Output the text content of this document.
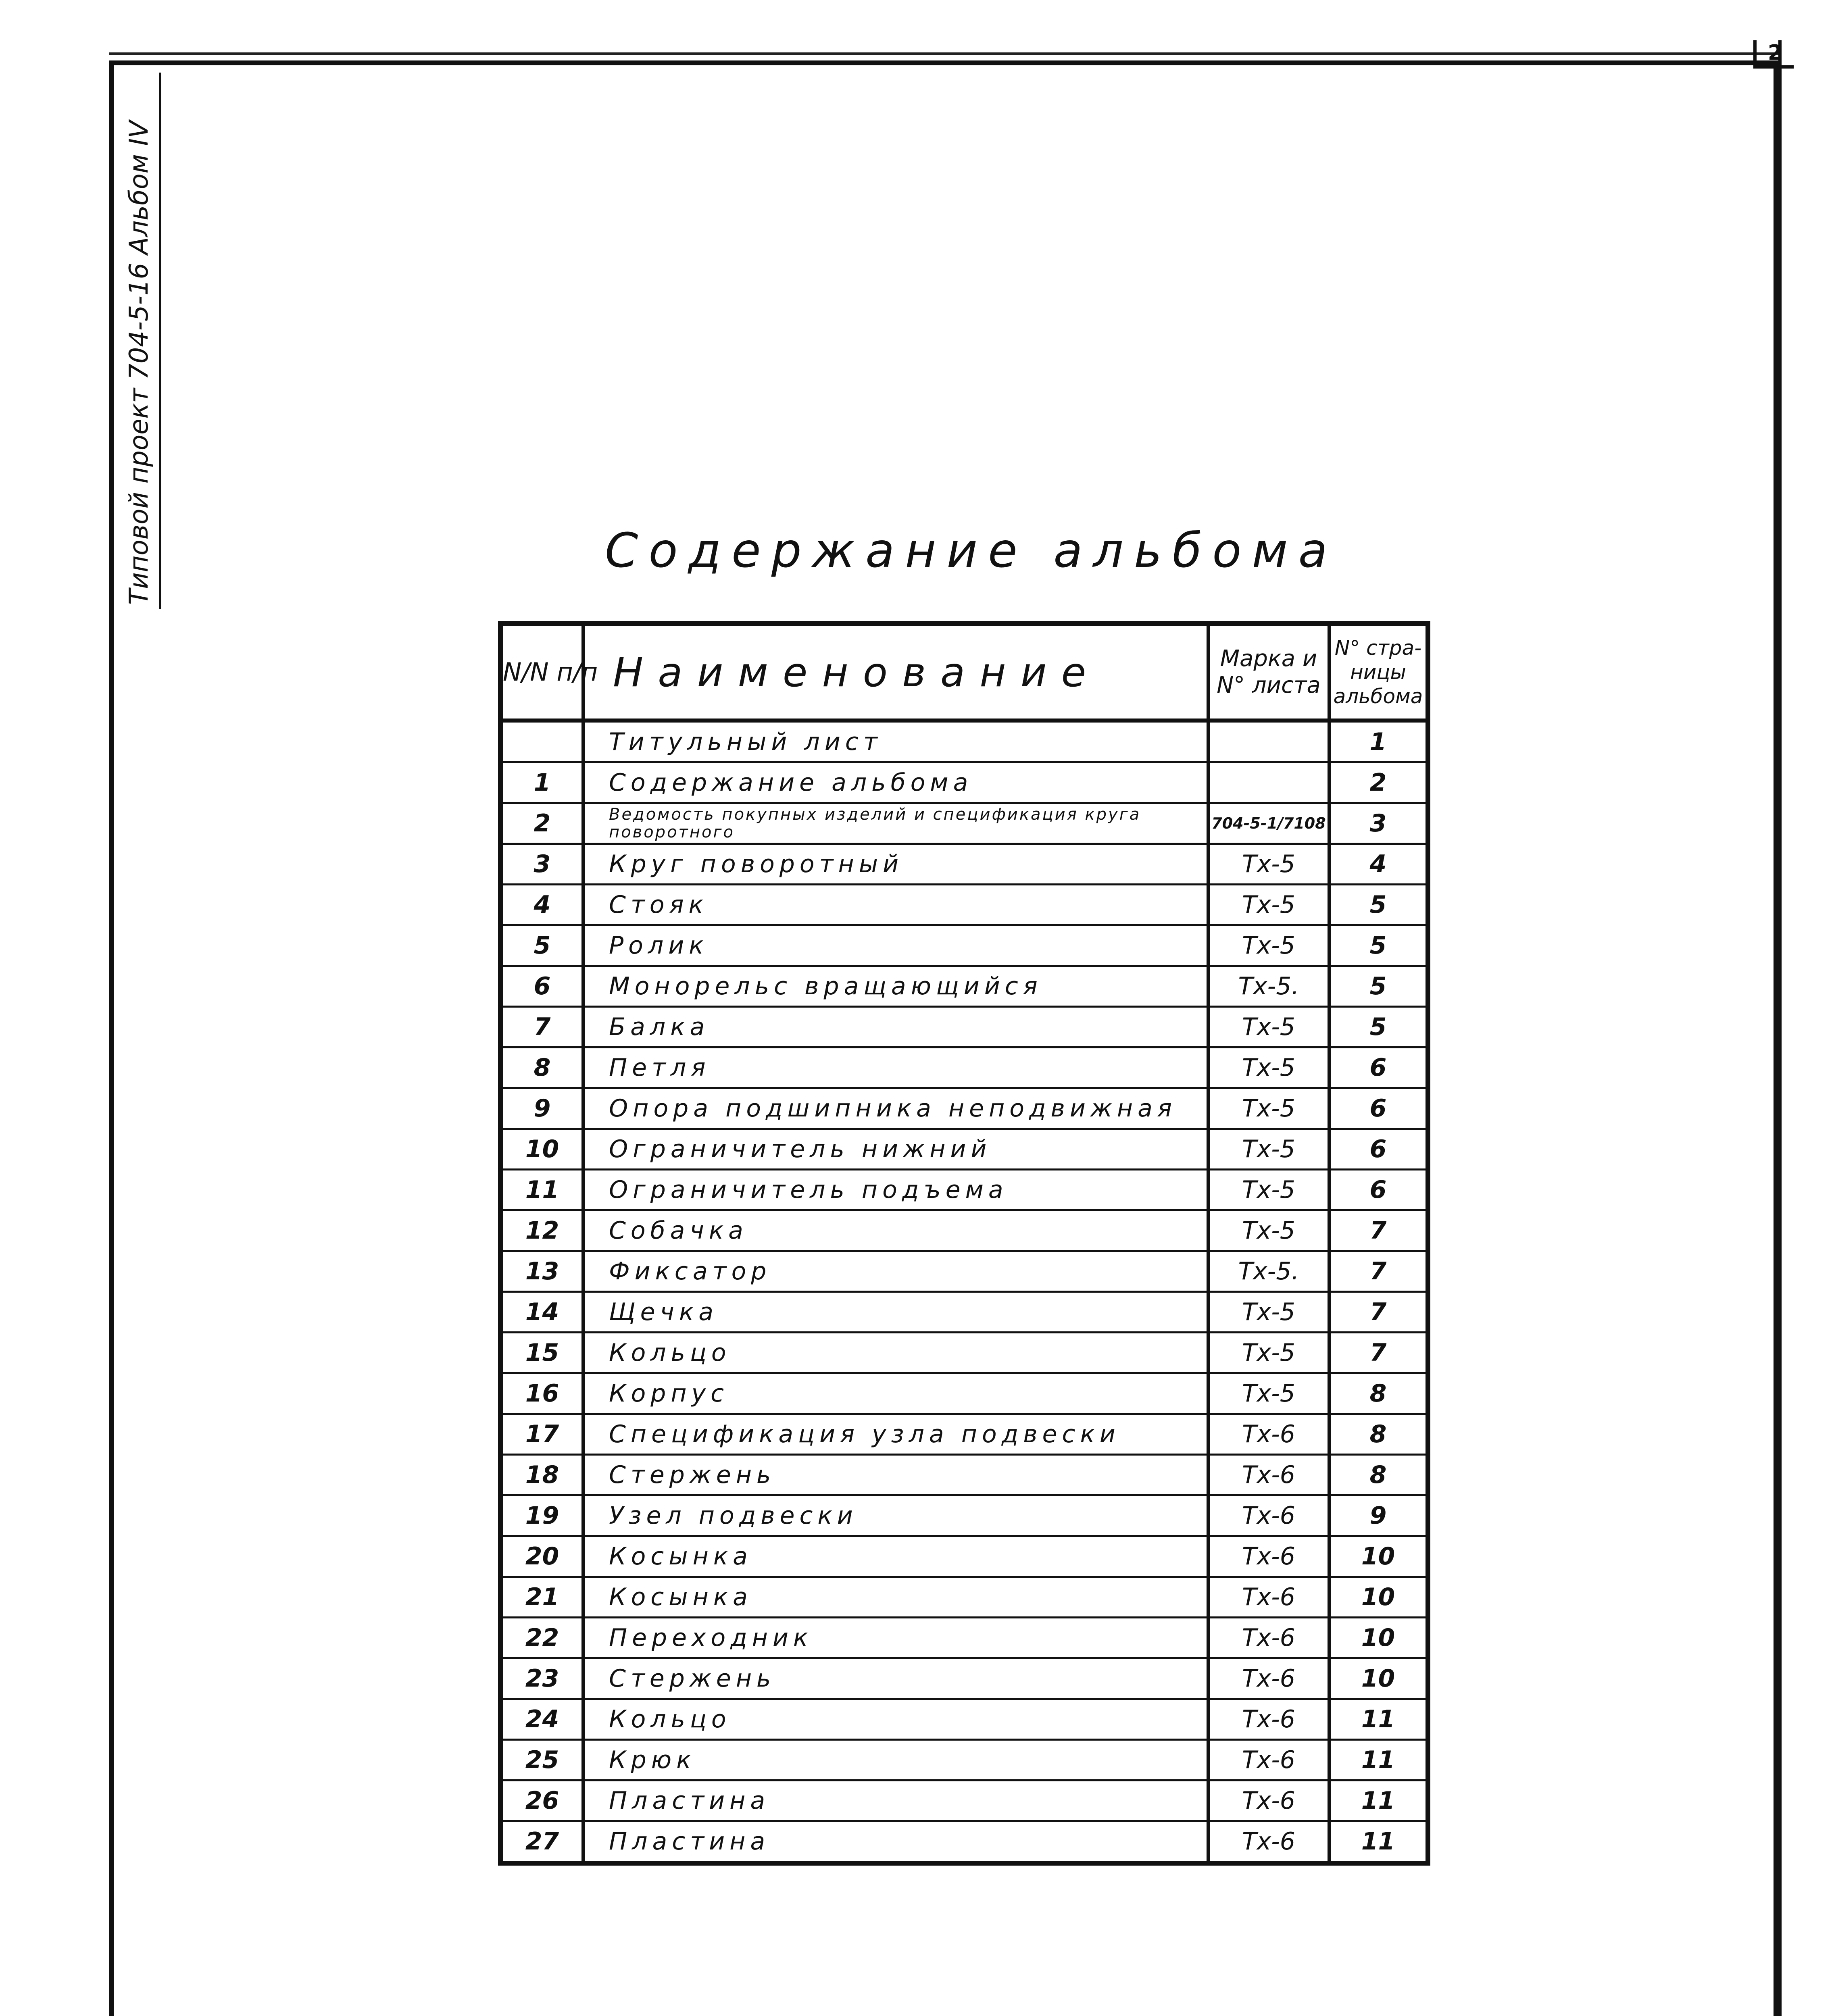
2
Типовой проект 704-5-16 Альбом IV	Содержание альбома
N/N п/п	Наименование	Марка и N° листа	N° стра-ницы альбома
	Титульный лист		1
1	Содержание альбома		2
2	Ведомость покупных изделий и спецификация круга поворотного	704-5-1/7108	3
3	Круг поворотный	Тх-5	4
4	Стояк	Тх-5	5
5	Ролик	Тх-5	5
6	Монорельс вращающийся	Тх-5.	5
7	Балка	Тх-5	5
8	Петля	Тх-5	6
9	Опора подшипника неподвижная	Тх-5	6
10	Ограничитель нижний	Тх-5	6
11	Ограничитель подъема	Тх-5	6
12	Собачка	Тх-5	7
13	Фиксатор	Тх-5.	7
14	Щечка	Тх-5	7
15	Кольцо	Тх-5	7
16	Корпус	Тх-5	8
17	Спецификация узла подвески	Тх-6	8
18	Стержень	Тх-6	8
19	Узел подвески	Тх-6	9
20	Косынка	Тх-6	10
21	Косынка	Тх-6	10
22	Переходник	Тх-6	10
23	Стержень	Тх-6	10
24	Кольцо	Тх-6	11
25	Крюк	Тх-6	11
26	Пластина	Тх-6	11
27	Пластина	Тх-6	11
